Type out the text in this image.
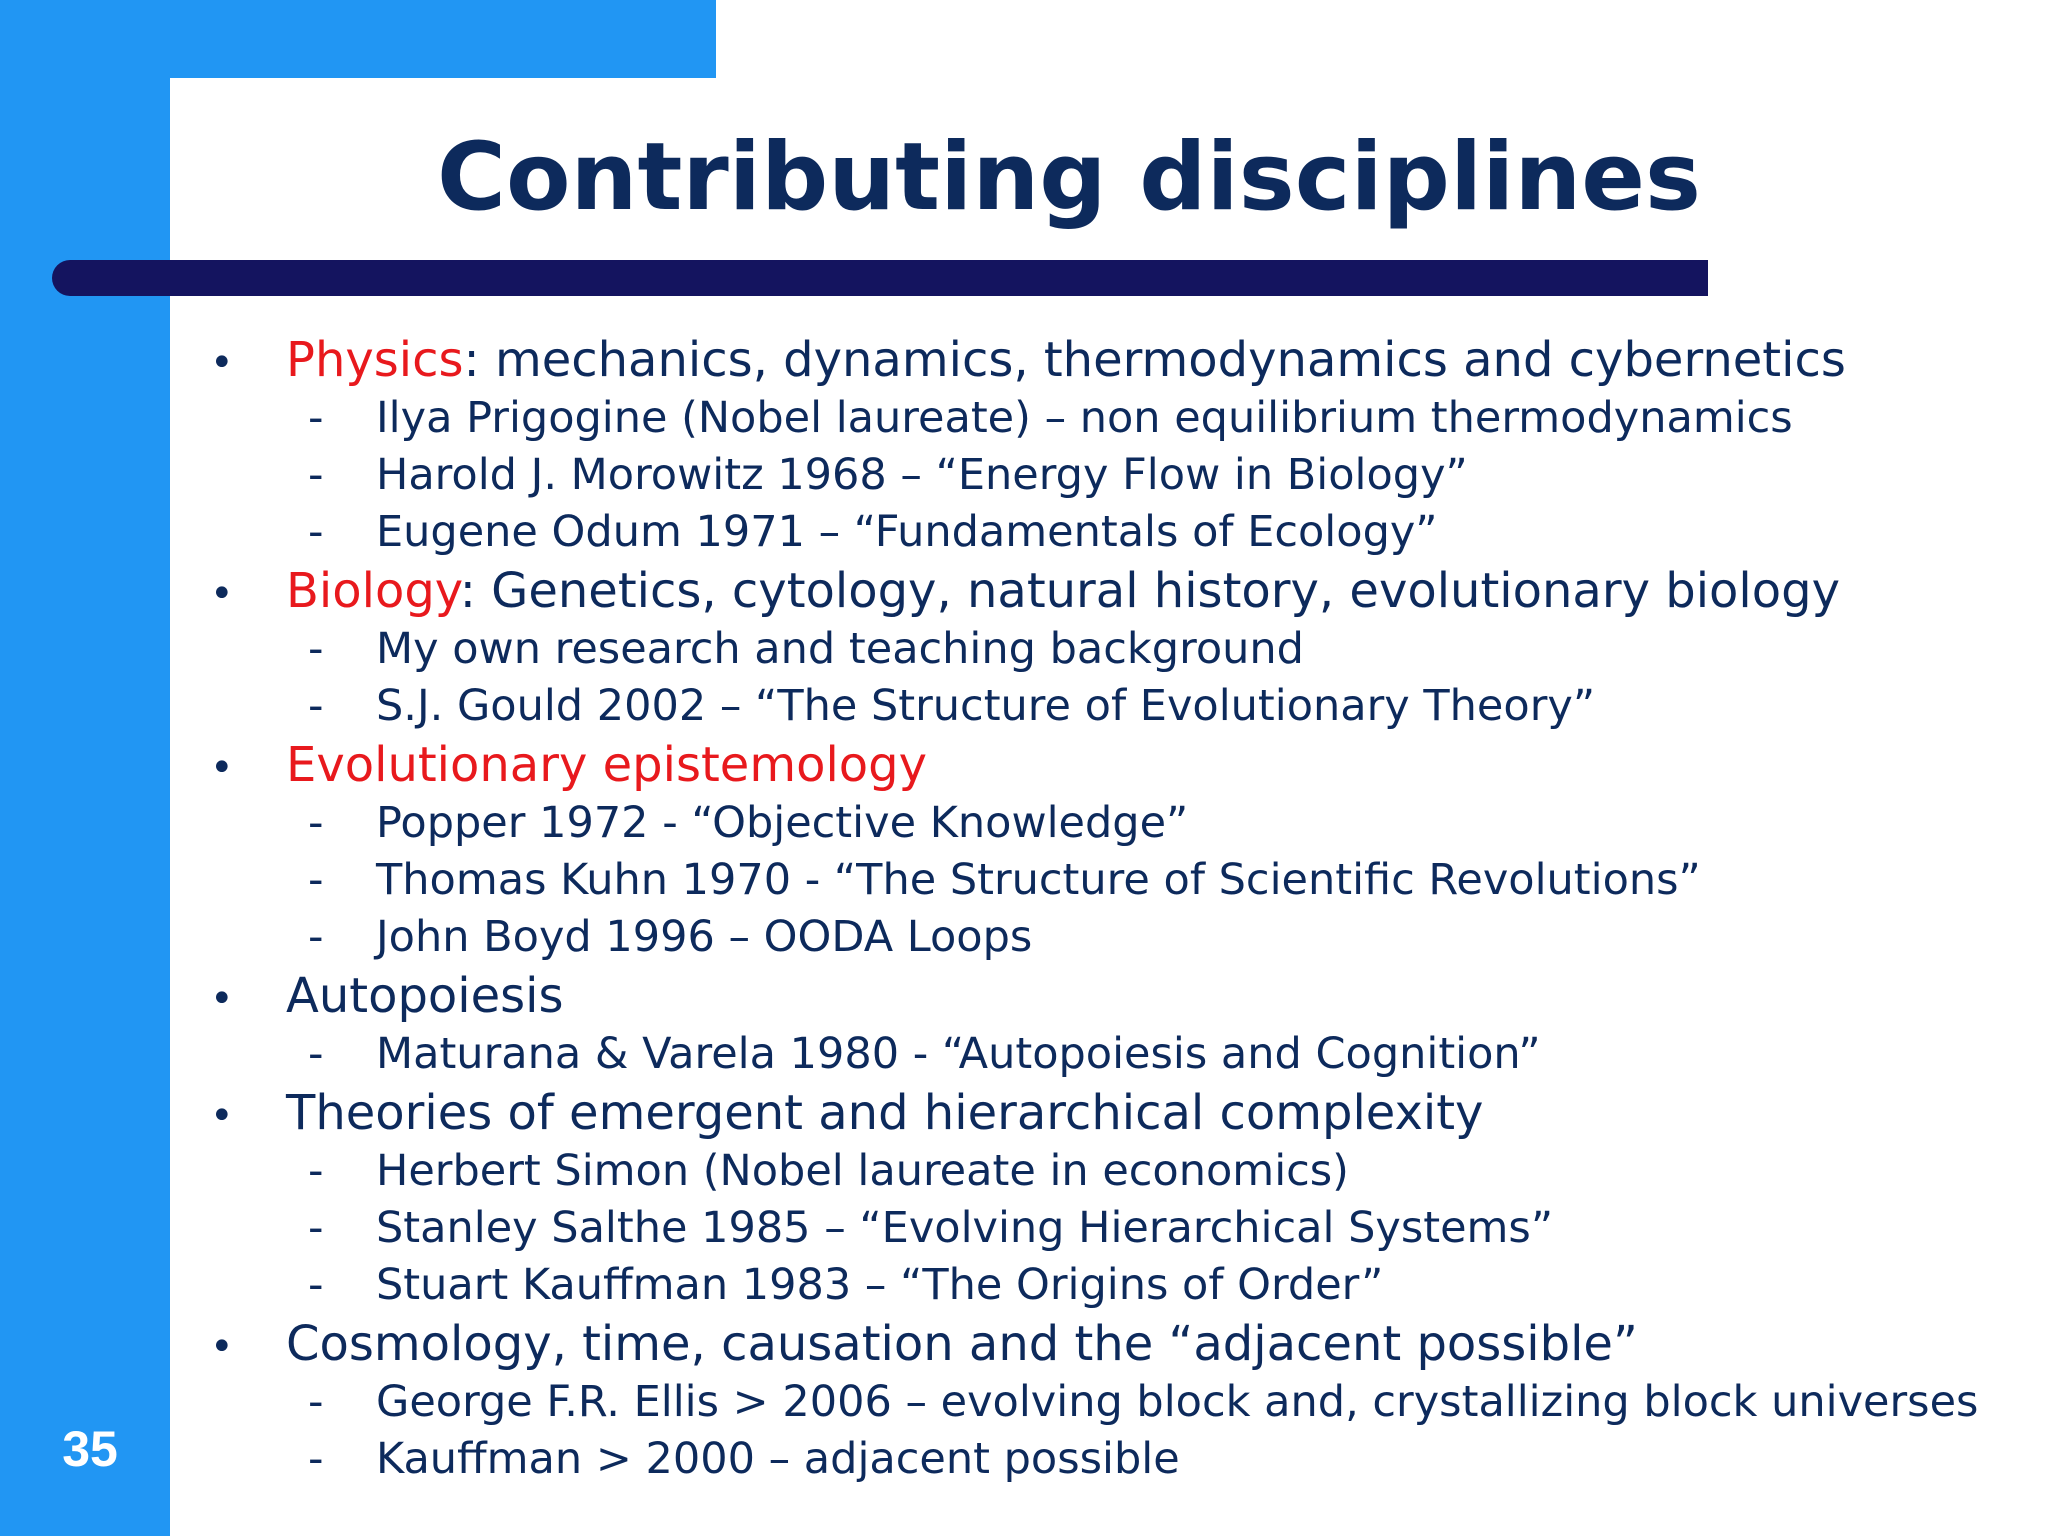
Contributing disciplines
•	Physics: mechanics, dynamics, thermodynamics and cybernetics
-	Ilya Prigogine (Nobel laureate) – non equilibrium thermodynamics
-	Harold J. Morowitz 1968 – “Energy Flow in Biology”
-	Eugene Odum 1971 – “Fundamentals of Ecology”
•	Biology: Genetics, cytology, natural history, evolutionary biology
-	My own research and teaching background
-	S.J. Gould 2002 – “The Structure of Evolutionary Theory”
•	Evolutionary epistemology
-	Popper 1972 - “Objective Knowledge”
-	Thomas Kuhn 1970 - “The Structure of Scientific Revolutions”
-	John Boyd 1996 – OODA Loops
•	Autopoiesis
-	Maturana & Varela 1980 - “Autopoiesis and Cognition”
•	Theories of emergent and hierarchical complexity
-	Herbert Simon (Nobel laureate in economics)
-	Stanley Salthe 1985 – “Evolving Hierarchical Systems”
-	Stuart Kauffman 1983 – “The Origins of Order”
•	Cosmology, time, causation and the “adjacent possible”
-	George F.R. Ellis > 2006 – evolving block and, crystallizing block universes
-	Kauffman > 2000 – adjacent possible
35
